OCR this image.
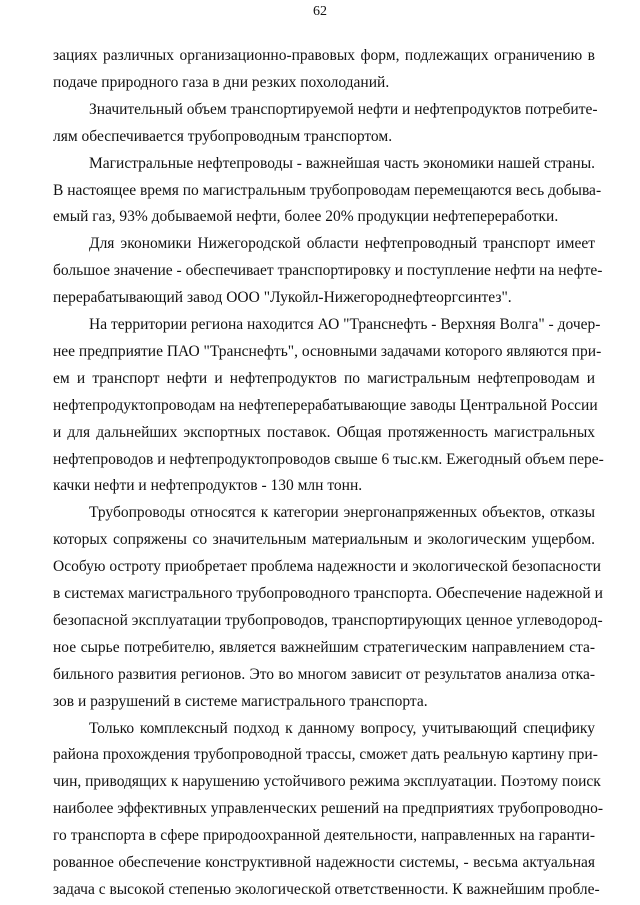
62
зациях различных организационно-правовых форм, подлежащих ограничению в
подаче природного газа в дни резких похолоданий.
Значительный объем транспортируемой нефти и нефтепродуктов потребите-
лям обеспечивается трубопроводным транспортом.
Магистральные нефтепроводы - важнейшая часть экономики нашей страны.
В настоящее время по магистральным трубопроводам перемещаются весь добыва-
емый газ, 93% добываемой нефти, более 20% продукции нефтепереработки.
Для экономики Нижегородской области нефтепроводный транспорт имеет
большое значение - обеспечивает транспортировку и поступление нефти на нефте-
перерабатывающий завод ООО "Лукойл-Нижегороднефтеоргсинтез".
На территории региона находится АО "Транснефть - Верхняя Волга" - дочер-
нее предприятие ПАО "Транснефть", основными задачами которого являются при-
ем и транспорт нефти и нефтепродуктов по магистральным нефтепроводам и
нефтепродуктопроводам на нефтеперерабатывающие заводы Центральной России
и для дальнейших экспортных поставок. Общая протяженность магистральных
нефтепроводов и нефтепродуктопроводов свыше 6 тыс.км. Ежегодный объем пере-
качки нефти и нефтепродуктов - 130 млн тонн.
Трубопроводы относятся к категории энергонапряженных объектов, отказы
которых сопряжены со значительным материальным и экологическим ущербом.
Особую остроту приобретает проблема надежности и экологической безопасности
в системах магистрального трубопроводного транспорта. Обеспечение надежной и
безопасной эксплуатации трубопроводов, транспортирующих ценное углеводород-
ное сырье потребителю, является важнейшим стратегическим направлением ста-
бильного развития регионов. Это во многом зависит от результатов анализа отка-
зов и разрушений в системе магистрального транспорта.
Только комплексный подход к данному вопросу, учитывающий специфику
района прохождения трубопроводной трассы, сможет дать реальную картину при-
чин, приводящих к нарушению устойчивого режима эксплуатации. Поэтому поиск
наиболее эффективных управленческих решений на предприятиях трубопроводно-
го транспорта в сфере природоохранной деятельности, направленных на гаранти-
рованное обеспечение конструктивной надежности системы, - весьма актуальная
задача с высокой степенью экологической ответственности. К важнейшим пробле-
